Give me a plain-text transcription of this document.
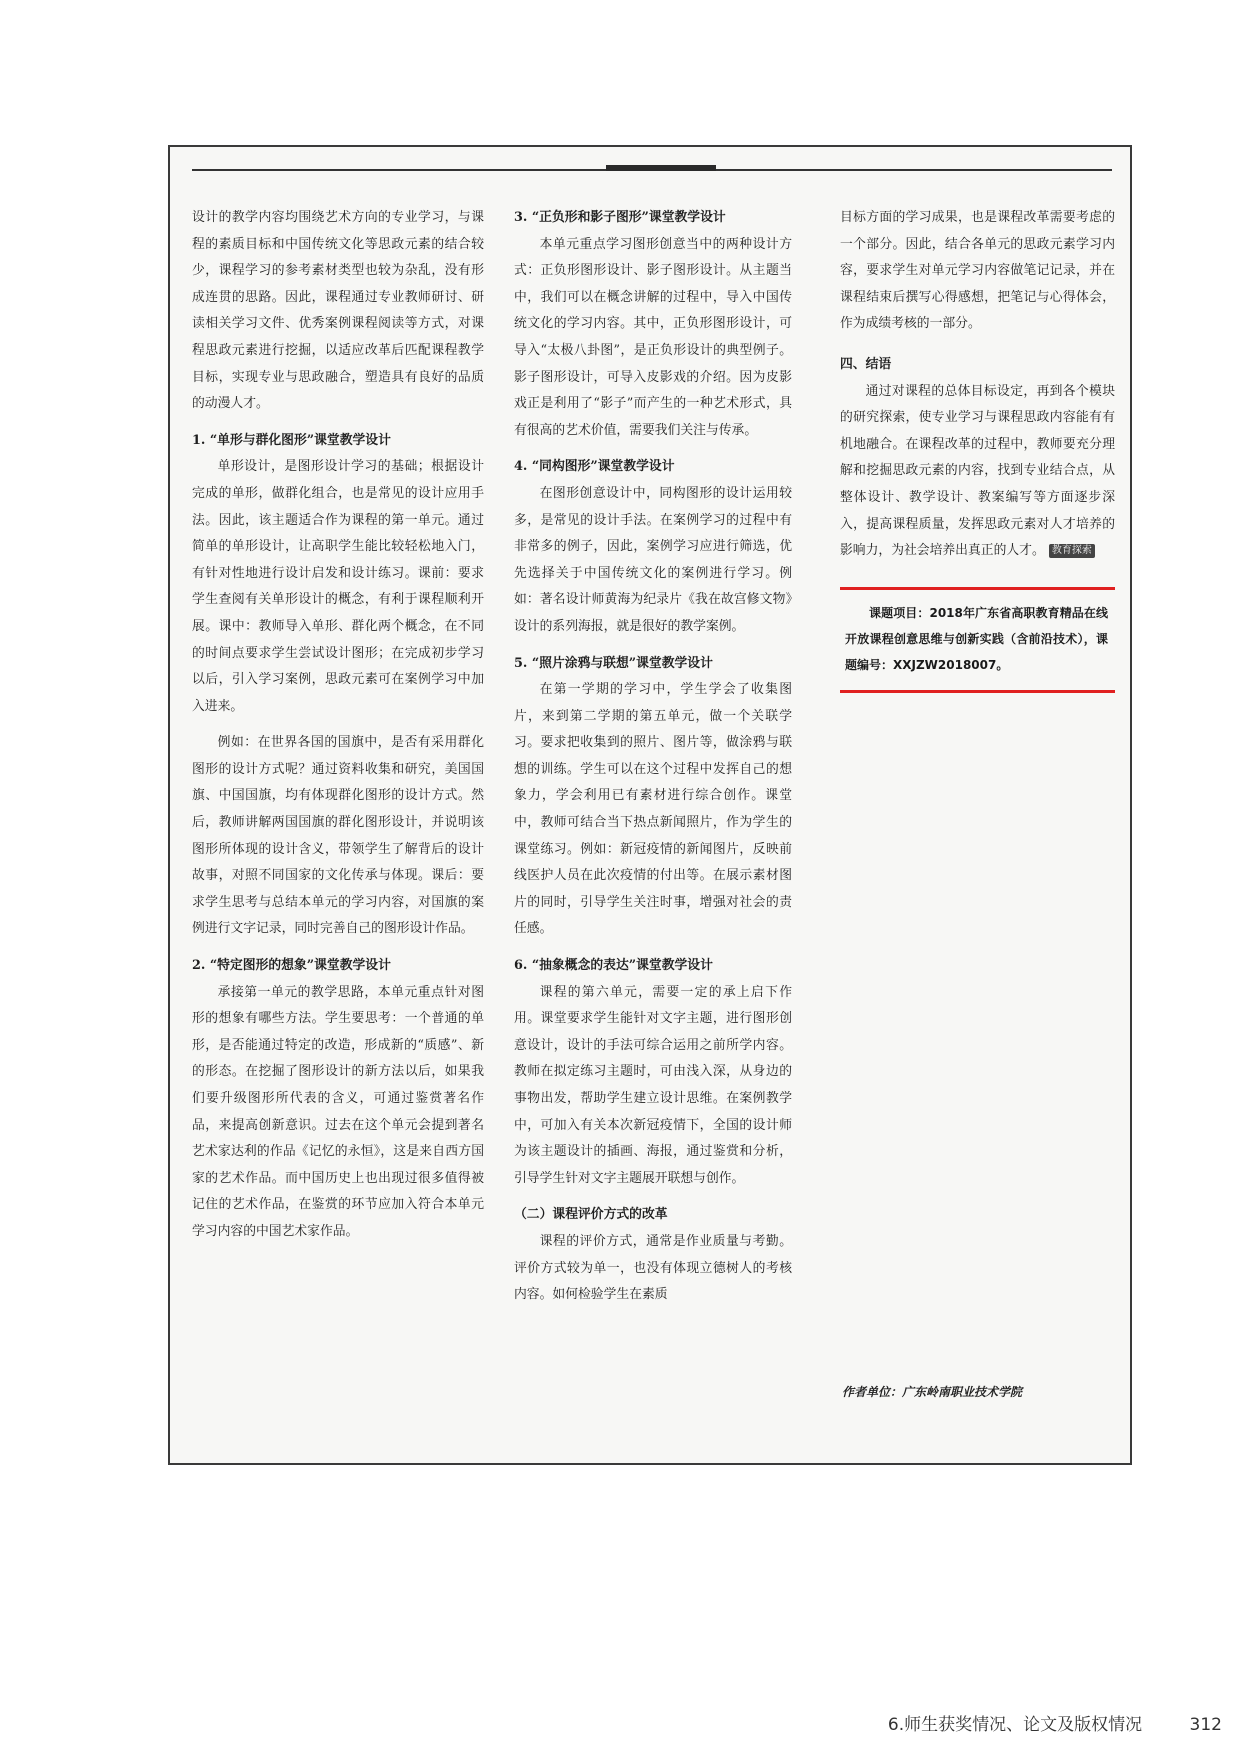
设计的教学内容均围绕艺术方向的专业学习，与课程的素质目标和中国传统文化等思政元素的结合较少，课程学习的参考素材类型也较为杂乱，没有形成连贯的思路。因此，课程通过专业教师研讨、研读相关学习文件、优秀案例课程阅读等方式，对课程思政元素进行挖掘，以适应改革后匹配课程教学目标，实现专业与思政融合，塑造具有良好的品质的动漫人才。

1. “单形与群化图形”课堂教学设计

单形设计，是图形设计学习的基础；根据设计完成的单形，做群化组合，也是常见的设计应用手法。因此，该主题适合作为课程的第一单元。通过简单的单形设计，让高职学生能比较轻松地入门，有针对性地进行设计启发和设计练习。课前：要求学生查阅有关单形设计的概念，有利于课程顺利开展。课中：教师导入单形、群化两个概念，在不同的时间点要求学生尝试设计图形；在完成初步学习以后，引入学习案例，思政元素可在案例学习中加入进来。

例如：在世界各国的国旗中，是否有采用群化图形的设计方式呢？通过资料收集和研究，美国国旗、中国国旗，均有体现群化图形的设计方式。然后，教师讲解两国国旗的群化图形设计，并说明该图形所体现的设计含义，带领学生了解背后的设计故事，对照不同国家的文化传承与体现。课后：要求学生思考与总结本单元的学习内容，对国旗的案例进行文字记录，同时完善自己的图形设计作品。

2. “特定图形的想象”课堂教学设计

承接第一单元的教学思路，本单元重点针对图形的想象有哪些方法。学生要思考：一个普通的单形，是否能通过特定的改造，形成新的“质感”、新的形态。在挖掘了图形设计的新方法以后，如果我们要升级图形所代表的含义，可通过鉴赏著名作品，来提高创新意识。过去在这个单元会提到著名艺术家达利的作品《记忆的永恒》，这是来自西方国家的艺术作品。而中国历史上也出现过很多值得被记住的艺术作品，在鉴赏的环节应加入符合本单元学习内容的中国艺术家作品。

3. “正负形和影子图形”课堂教学设计

本单元重点学习图形创意当中的两种设计方式：正负形图形设计、影子图形设计。从主题当中，我们可以在概念讲解的过程中，导入中国传统文化的学习内容。其中，正负形图形设计，可导入“太极八卦图”，是正负形设计的典型例子。影子图形设计，可导入皮影戏的介绍。因为皮影戏正是利用了“影子”而产生的一种艺术形式，具有很高的艺术价值，需要我们关注与传承。

4. “同构图形”课堂教学设计

在图形创意设计中，同构图形的设计运用较多，是常见的设计手法。在案例学习的过程中有非常多的例子，因此，案例学习应进行筛选，优先选择关于中国传统文化的案例进行学习。例如：著名设计师黄海为纪录片《我在故宫修文物》设计的系列海报，就是很好的教学案例。

5. “照片涂鸦与联想”课堂教学设计

在第一学期的学习中，学生学会了收集图片，来到第二学期的第五单元，做一个关联学习。要求把收集到的照片、图片等，做涂鸦与联想的训练。学生可以在这个过程中发挥自己的想象力，学会利用已有素材进行综合创作。课堂中，教师可结合当下热点新闻照片，作为学生的课堂练习。例如：新冠疫情的新闻图片，反映前线医护人员在此次疫情的付出等。在展示素材图片的同时，引导学生关注时事，增强对社会的责任感。

6. “抽象概念的表达”课堂教学设计

课程的第六单元，需要一定的承上启下作用。课堂要求学生能针对文字主题，进行图形创意设计，设计的手法可综合运用之前所学内容。教师在拟定练习主题时，可由浅入深，从身边的事物出发，帮助学生建立设计思维。在案例教学中，可加入有关本次新冠疫情下，全国的设计师为该主题设计的插画、海报，通过鉴赏和分析，引导学生针对文字主题展开联想与创作。

（二）课程评价方式的改革

课程的评价方式，通常是作业质量与考勤。评价方式较为单一，也没有体现立德树人的考核内容。如何检验学生在素质

目标方面的学习成果，也是课程改革需要考虑的一个部分。因此，结合各单元的思政元素学习内容，要求学生对单元学习内容做笔记记录，并在课程结束后撰写心得感想，把笔记与心得体会，作为成绩考核的一部分。

四、结语

通过对课程的总体目标设定，再到各个模块的研究探索，使专业学习与课程思政内容能有有机地融合。在课程改革的过程中，教师要充分理解和挖掘思政元素的内容，找到专业结合点，从整体设计、教学设计、教案编写等方面逐步深入，提高课程质量，发挥思政元素对人才培养的影响力，为社会培养出真正的人才。 教育探索

课题项目：2018年广东省高职教育精品在线开放课程创意思维与创新实践（含前沿技术），课题编号：XXJZW2018007。
作者单位：广东岭南职业技术学院
6.师生获奖情况、论文及版权情况	312
